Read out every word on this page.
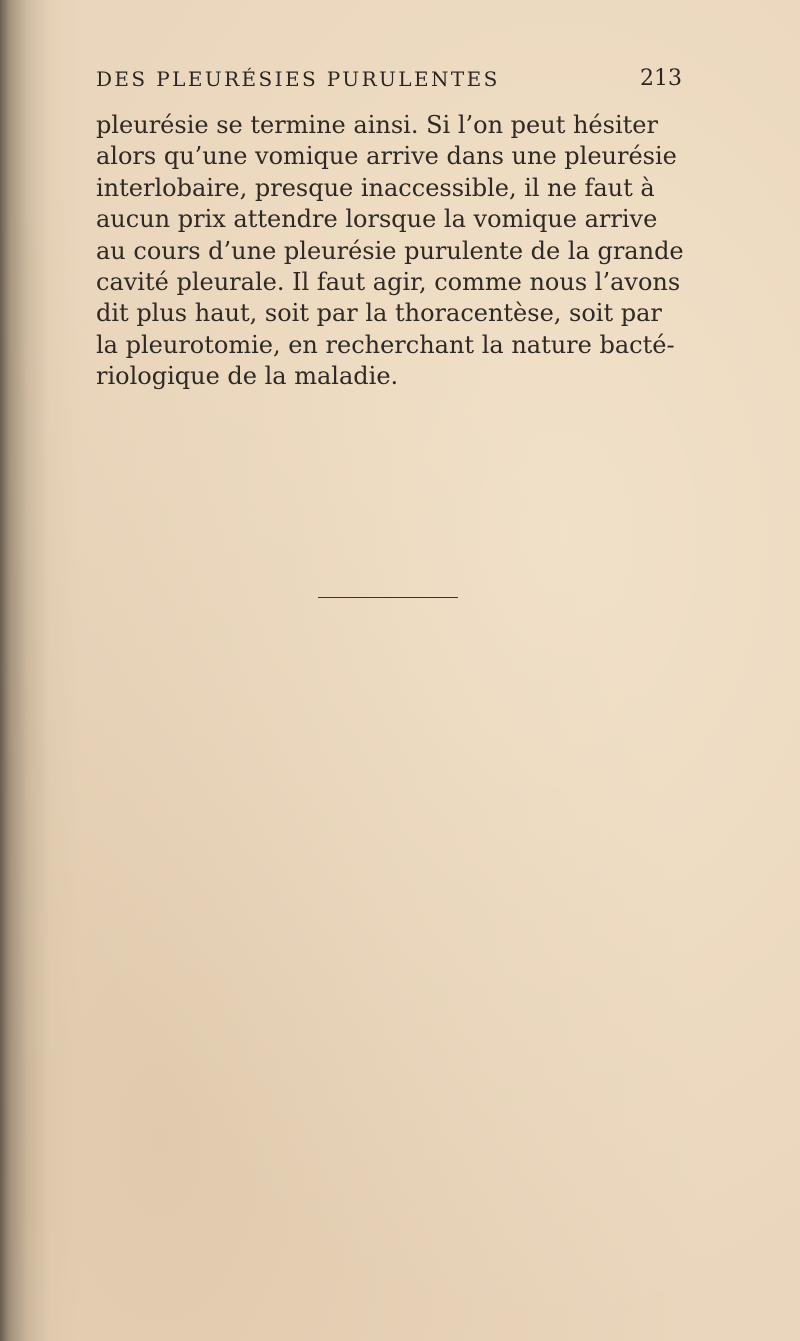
DES PLEURÉSIES PURULENTES	213
pleurésie se termine ainsi. Si l’on peut hésiter
alors qu’une vomique arrive dans une pleurésie
interlobaire, presque inaccessible, il ne faut à
aucun prix attendre lorsque la vomique arrive
au cours d’une pleurésie purulente de la grande
cavité pleurale. Il faut agir, comme nous l’avons
dit plus haut, soit par la thoracentèse, soit par
la pleurotomie, en recherchant la nature bacté-
riologique de la maladie.
